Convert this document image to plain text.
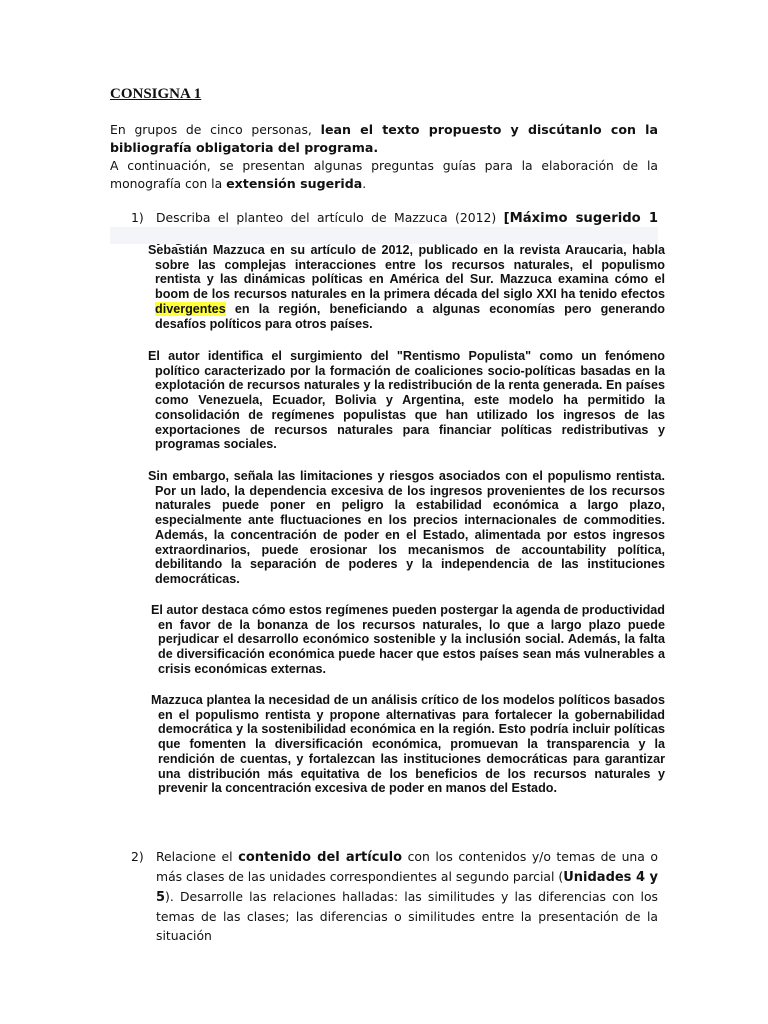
CONSIGNA 1

En grupos de cinco personas, lean el texto propuesto y discútanlo con la bibliografía obligatoria del programa.

A continuación, se presentan algunas preguntas guías para la elaboración de la monografía con la extensión sugerida.

1) Describa el planteo del artículo de Mazzuca (2012) [Máximo sugerido 1

Sebastián Mazzuca en su artículo de 2012, publicado en la revista Araucaria, habla sobre las complejas interacciones entre los recursos naturales, el populismo rentista y las dinámicas políticas en América del Sur. Mazzuca examina cómo el boom de los recursos naturales en la primera década del siglo XXI ha tenido efectos divergentes en la región, beneficiando a algunas economías pero generando desafíos políticos para otros países.

El autor identifica el surgimiento del "Rentismo Populista" como un fenómeno político caracterizado por la formación de coaliciones socio-políticas basadas en la explotación de recursos naturales y la redistribución de la renta generada. En países como Venezuela, Ecuador, Bolivia y Argentina, este modelo ha permitido la consolidación de regímenes populistas que han utilizado los ingresos de las exportaciones de recursos naturales para financiar políticas redistributivas y programas sociales.

Sin embargo, señala las limitaciones y riesgos asociados con el populismo rentista. Por un lado, la dependencia excesiva de los ingresos provenientes de los recursos naturales puede poner en peligro la estabilidad económica a largo plazo, especialmente ante fluctuaciones en los precios internacionales de commodities. Además, la concentración de poder en el Estado, alimentada por estos ingresos extraordinarios, puede erosionar los mecanismos de accountability política, debilitando la separación de poderes y la independencia de las instituciones democráticas.

El autor destaca cómo estos regímenes pueden postergar la agenda de productividad en favor de la bonanza de los recursos naturales, lo que a largo plazo puede perjudicar el desarrollo económico sostenible y la inclusión social. Además, la falta de diversificación económica puede hacer que estos países sean más vulnerables a crisis económicas externas.

Mazzuca plantea la necesidad de un análisis crítico de los modelos políticos basados en el populismo rentista y propone alternativas para fortalecer la gobernabilidad democrática y la sostenibilidad económica en la región. Esto podría incluir políticas que fomenten la diversificación económica, promuevan la transparencia y la rendición de cuentas, y fortalezcan las instituciones democráticas para garantizar una distribución más equitativa de los beneficios de los recursos naturales y prevenir la concentración excesiva de poder en manos del Estado.

2) Relacione el contenido del artículo con los contenidos y/o temas de una o más clases de las unidades correspondientes al segundo parcial (Unidades 4 y 5). Desarrolle las relaciones halladas: las similitudes y las diferencias con los temas de las clases; las diferencias o similitudes entre la presentación de la situación
